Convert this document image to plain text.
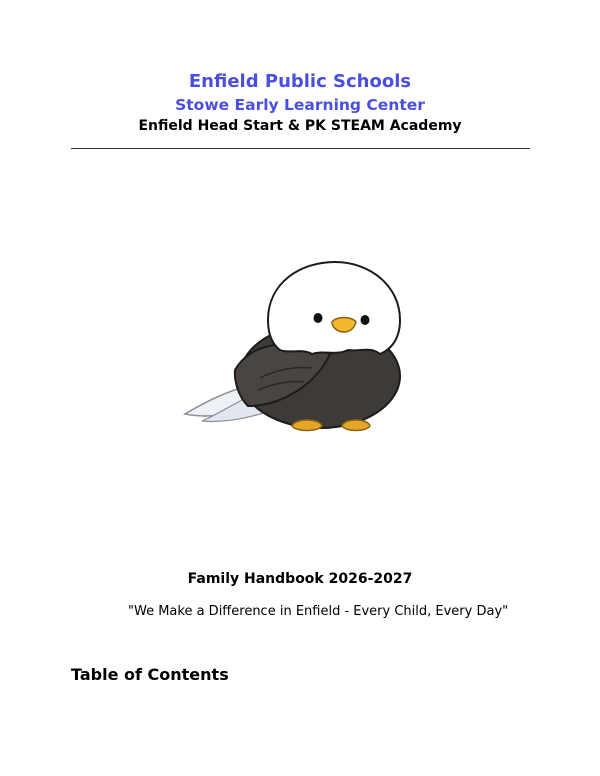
Enfield Public Schools
Stowe Early Learning Center
Enfield Head Start & PK STEAM Academy
Family Handbook 2026-2027
"We Make a Difference in Enfield - Every Child, Every Day"
Table of Contents
